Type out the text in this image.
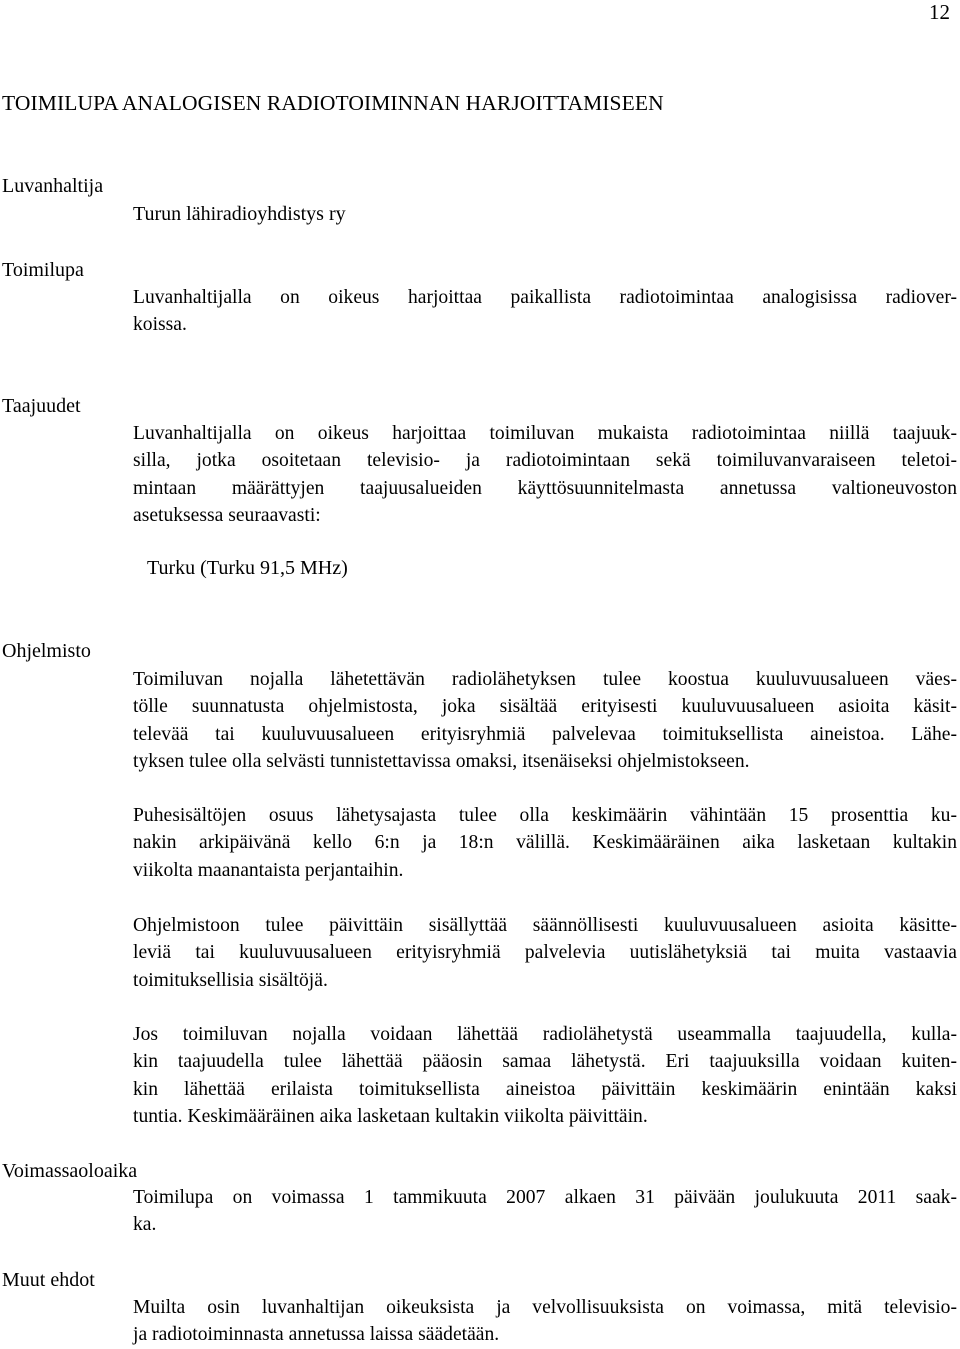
12
TOIMILUPA ANALOGISEN RADIOTOIMINNAN HARJOITTAMISEEN
Luvanhaltija
Turun lähiradioyhdistys ry
Toimilupa
Luvanhaltijalla on oikeus harjoittaa paikallista radiotoimintaa analogisissa radiover-
koissa.
Taajuudet
Luvanhaltijalla on oikeus harjoittaa toimiluvan mukaista radiotoimintaa niillä taajuuk-
silla, jotka osoitetaan televisio- ja radiotoimintaan sekä toimiluvanvaraiseen teletoi-
mintaan määrättyjen taajuusalueiden käyttösuunnitelmasta annetussa valtioneuvoston
asetuksessa seuraavasti:
Turku (Turku 91,5 MHz)
Ohjelmisto
Toimiluvan nojalla lähetettävän radiolähetyksen tulee koostua kuuluvuusalueen väes-
tölle suunnatusta ohjelmistosta, joka sisältää erityisesti kuuluvuusalueen asioita käsit-
televää tai kuuluvuusalueen erityisryhmiä palvelevaa toimituksellista aineistoa. Lähe-
tyksen tulee olla selvästi tunnistettavissa omaksi, itsenäiseksi ohjelmistokseen.
Puhesisältöjen osuus lähetysajasta tulee olla keskimäärin vähintään 15 prosenttia ku-
nakin arkipäivänä kello 6:n ja 18:n välillä. Keskimääräinen aika lasketaan kultakin
viikolta maanantaista perjantaihin.
Ohjelmistoon tulee päivittäin sisällyttää säännöllisesti kuuluvuusalueen asioita käsitte-
leviä tai kuuluvuusalueen erityisryhmiä palvelevia uutislähetyksiä tai muita vastaavia
toimituksellisia sisältöjä.
Jos toimiluvan nojalla voidaan lähettää radiolähetystä useammalla taajuudella, kulla-
kin taajuudella tulee lähettää pääosin samaa lähetystä. Eri taajuuksilla voidaan kuiten-
kin lähettää erilaista toimituksellista aineistoa päivittäin keskimäärin enintään kaksi
tuntia. Keskimääräinen aika lasketaan kultakin viikolta päivittäin.
Voimassaoloaika
Toimilupa on voimassa 1 tammikuuta 2007 alkaen 31 päivään joulukuuta 2011 saak-
ka.
Muut ehdot
Muilta osin luvanhaltijan oikeuksista ja velvollisuuksista on voimassa, mitä televisio-
ja radiotoiminnasta annetussa laissa säädetään.
